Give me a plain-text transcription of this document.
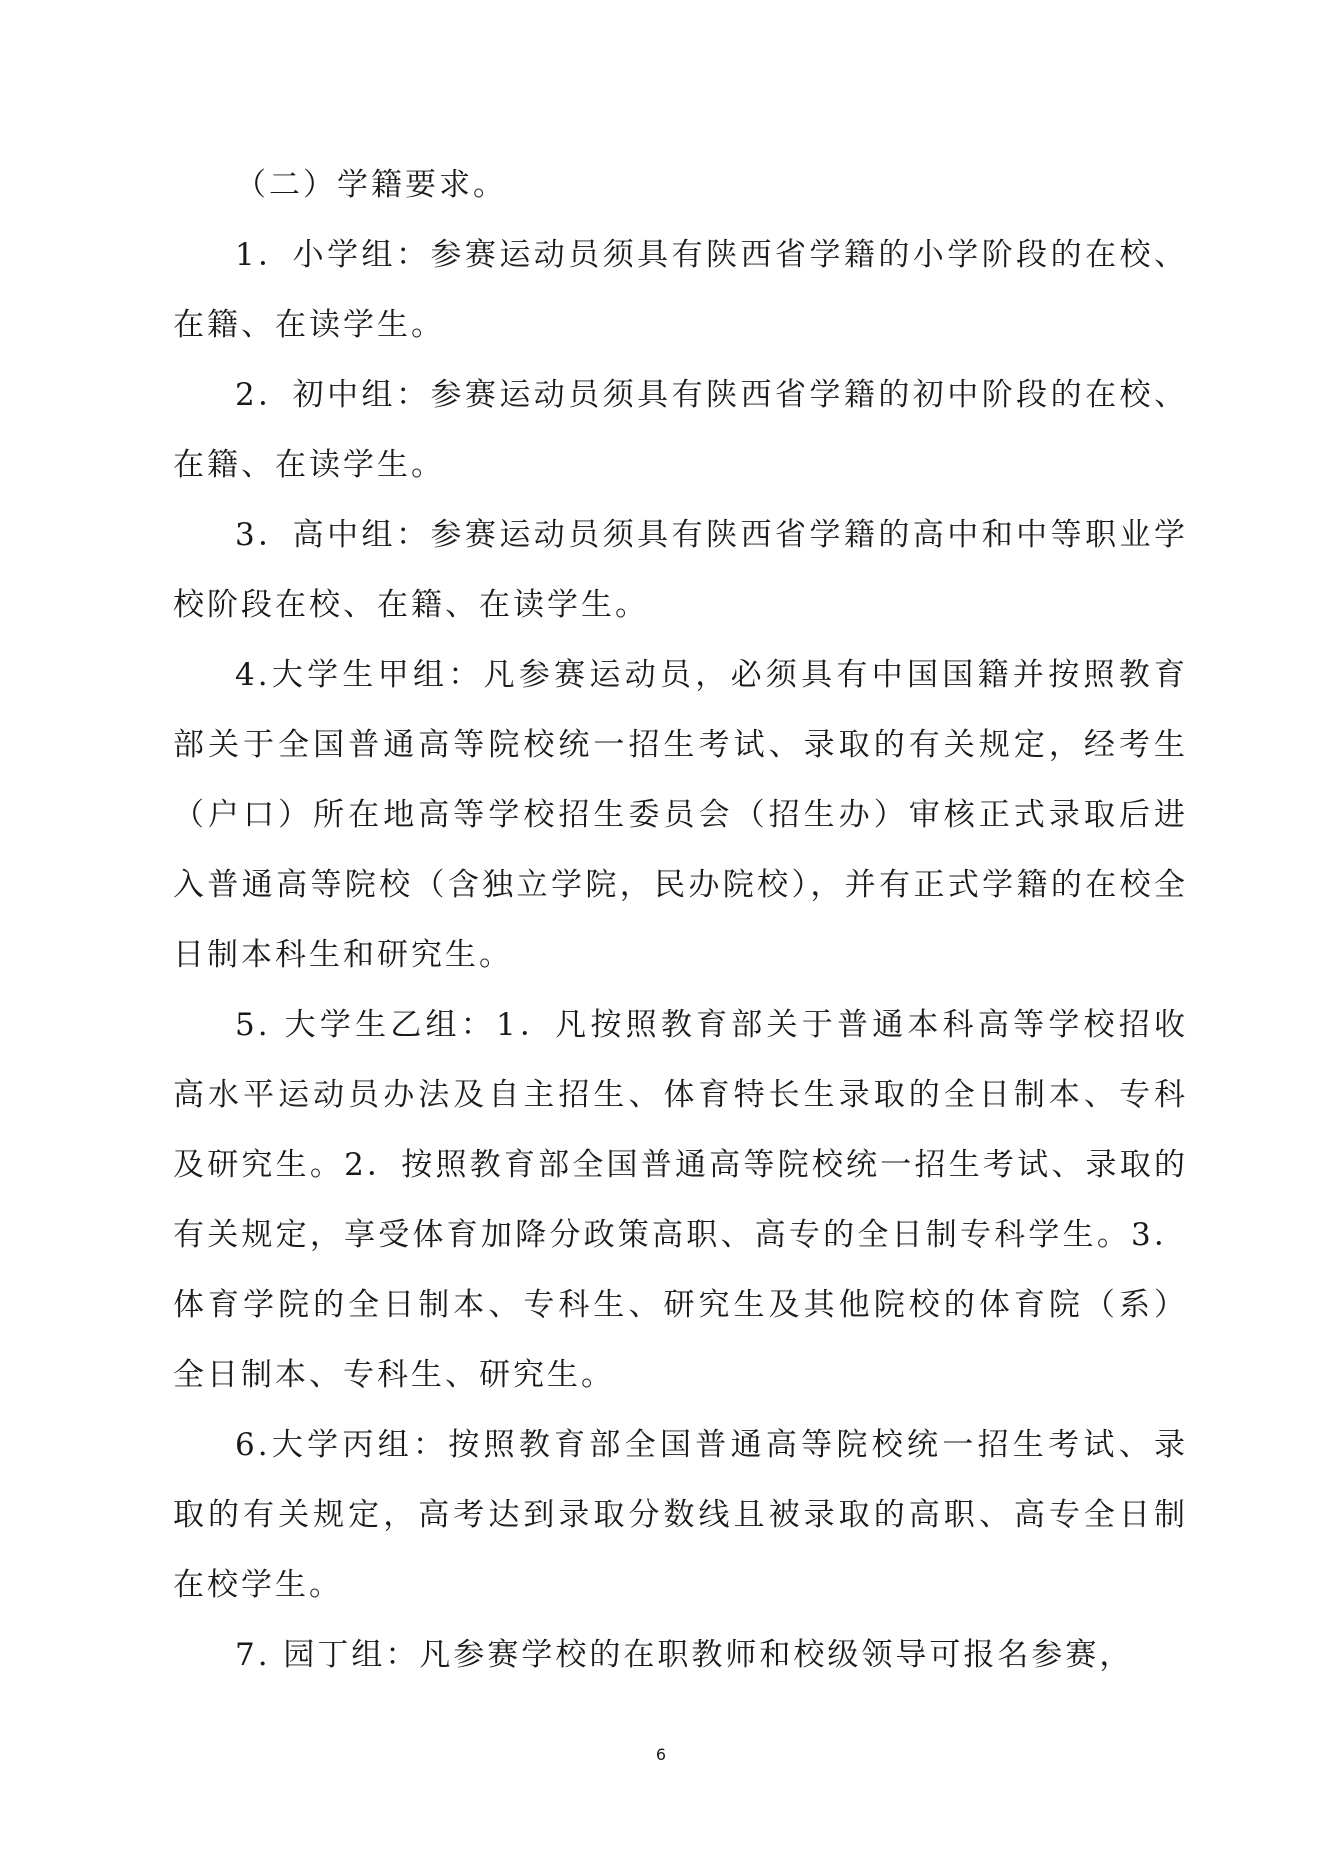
（二）学籍要求。

1．小学组：参赛运动员须具有陕西省学籍的小学阶段的在校、在籍、在读学生。

2．初中组：参赛运动员须具有陕西省学籍的初中阶段的在校、在籍、在读学生。

3．高中组：参赛运动员须具有陕西省学籍的高中和中等职业学校阶段在校、在籍、在读学生。

4.大学生甲组：凡参赛运动员，必须具有中国国籍并按照教育部关于全国普通高等院校统一招生考试、录取的有关规定，经考生（户口）所在地高等学校招生委员会（招生办）审核正式录取后进入普通高等院校（含独立学院，民办院校），并有正式学籍的在校全日制本科生和研究生。

5. 大学生乙组：1．凡按照教育部关于普通本科高等学校招收高水平运动员办法及自主招生、体育特长生录取的全日制本、专科及研究生。2．按照教育部全国普通高等院校统一招生考试、录取的有关规定，享受体育加降分政策高职、高专的全日制专科学生。3．体育学院的全日制本、专科生、研究生及其他院校的体育院（系）全日制本、专科生、研究生。

6.大学丙组：按照教育部全国普通高等院校统一招生考试、录取的有关规定，高考达到录取分数线且被录取的高职、高专全日制在校学生。

7. 园丁组：凡参赛学校的在职教师和校级领导可报名参赛，

6
